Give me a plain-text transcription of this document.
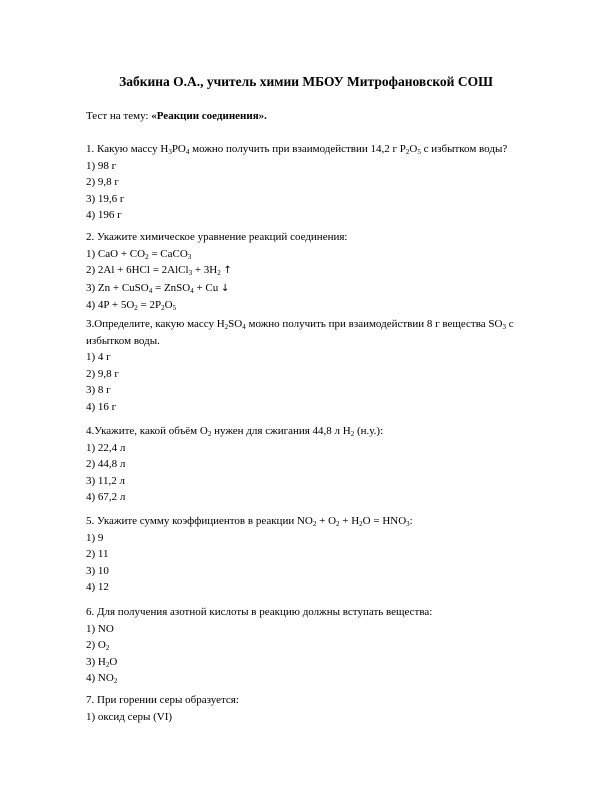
Забкина О.А., учитель химии МБОУ Митрофановской СОШ
Тест на тему: «Реакции соединения».
1. Какую массу $H_3PO_4$ можно получить при взаимодействии 14,2 г $P_2O_5$ с избытком воды?
1) 98 г
2) 9,8 г
3) 19,6 г
4) 196 г
2. Укажите химическое уравнение реакций соединения:
1) CaO + $CO_2$ = CaCO$_3$
2) 2Al + 6HCl = 2AlCl$_3$ + $3H_2$ ↑
3) Zn + CuSO$_4$ = ZnSO$_4$ + Cu ↓
4) $4P + 5O_2 = 2P_2O_5$
3.Определите, какую массу $H_2SO_4$ можно получить при взаимодействии 8 г вещества $SO_3$ с
избытком воды.
1) 4 г
2) 9,8 г
3) 8 г
4) 16 г
4.Укажите, какой объём $O_2$ нужен для сжигания 44,8 л $H_2$ (н.у.):
1) 22,4 л
2) 44,8 л
3) 11,2 л
4) 67,2 л
5. Укажите сумму коэффициентов в реакции $NO_2 + O_2 + H_2O = HNO_3$:
1) 9
2) 11
3) 10
4) 12
6. Для получения азотной кислоты в реакцию должны вступать вещества:
1) NO
2) $O_2$
3) $H_2O$
4) $NO_2$
7. При горении серы образуется:
1) оксид серы (VI)
